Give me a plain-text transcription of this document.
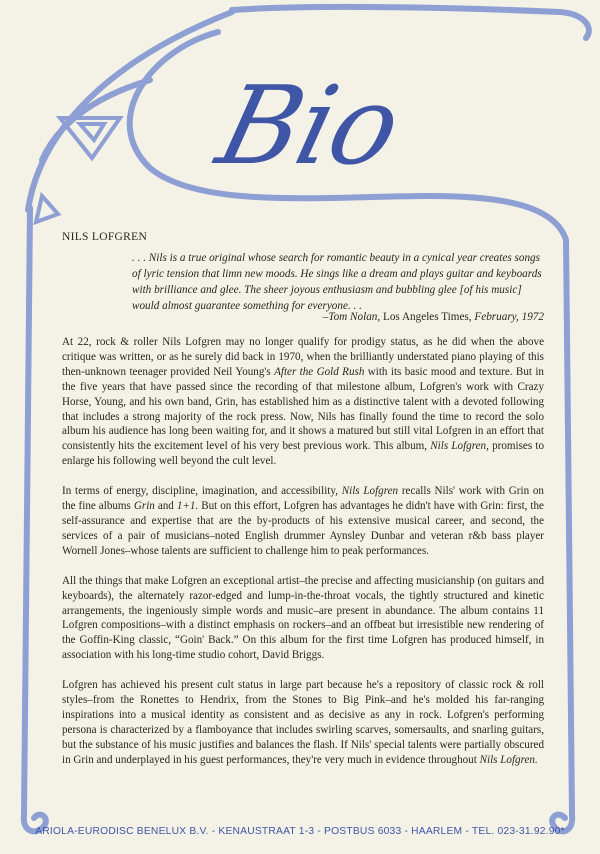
Bio
NILS LOFGREN
. . . Nils is a true original whose search for romantic beauty in a cynical year creates songs of lyric tension that limn new moods. He sings like a dream and plays guitar and keyboards with brilliance and glee. The sheer joyous enthusiasm and bubbling glee [of his music] would almost guarantee something for everyone. . .
–Tom Nolan, Los Angeles Times, February, 1972

At 22, rock & roller Nils Lofgren may no longer qualify for prodigy status, as he did when the above critique was written, or as he surely did back in 1970, when the brilliantly understated piano playing of this then-unknown teenager provided Neil Young's After the Gold Rush with its basic mood and texture. But in the five years that have passed since the recording of that milestone album, Lofgren's work with Crazy Horse, Young, and his own band, Grin, has established him as a distinctive talent with a devoted following that includes a strong majority of the rock press. Now, Nils has finally found the time to record the solo album his audience has long been waiting for, and it shows a matured but still vital Lofgren in an effort that consistently hits the excitement level of his very best previous work. This album, Nils Lofgren, promises to enlarge his following well beyond the cult level.

In terms of energy, discipline, imagination, and accessibility, Nils Lofgren recalls Nils' work with Grin on the fine albums Grin and 1+1. But on this effort, Lofgren has advantages he didn't have with Grin: first, the self-assurance and expertise that are the by-products of his extensive musical career, and second, the services of a pair of musicians–noted English drummer Aynsley Dunbar and veteran r&b bass player Wornell Jones–whose talents are sufficient to challenge him to peak performances.

All the things that make Lofgren an exceptional artist–the precise and affecting musicianship (on guitars and keyboards), the alternately razor-edged and lump-in-the-throat vocals, the tightly structured and kinetic arrangements, the ingeniously simple words and music–are present in abundance. The album contains 11 Lofgren compositions–with a distinct emphasis on rockers–and an offbeat but irresistible new rendering of the Goffin-King classic, “Goin' Back.” On this album for the first time Lofgren has produced himself, in association with his long-time studio cohort, David Briggs.

Lofgren has achieved his present cult status in large part because he's a repository of classic rock & roll styles–from the Ronettes to Hendrix, from the Stones to Big Pink–and he's molded his far-ranging inspirations into a musical identity as consistent and as decisive as any in rock. Lofgren's performing persona is characterized by a flamboyance that includes swirling scarves, somersaults, and snarling guitars, but the substance of his music justifies and balances the flash. If Nils' special talents were partially obscured in Grin and underplayed in his guest performances, they're very much in evidence throughout Nils Lofgren.

ARIOLA-EURODISC BENELUX B.V. - KENAUSTRAAT 1-3 - POSTBUS 6033 - HAARLEM - TEL. 023-31.92.90*
